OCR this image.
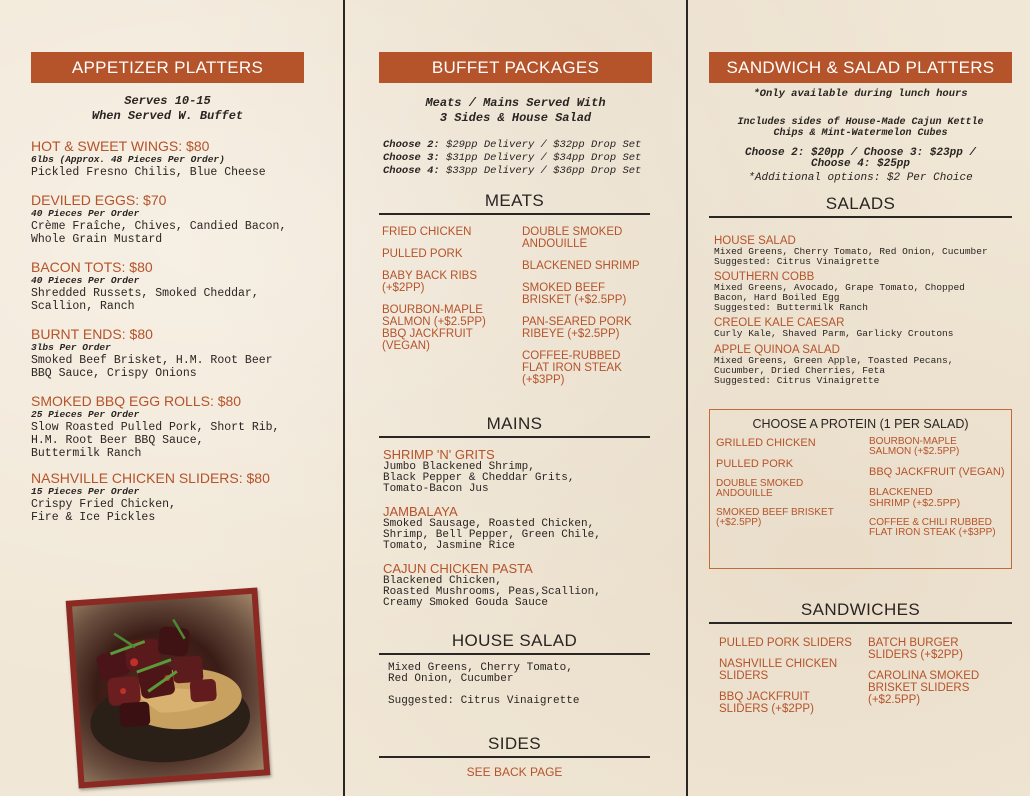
APPETIZER PLATTERS
Serves 10-15
When Served W. Buffet
HOT & SWEET WINGS: $80
6lbs (Approx. 48 Pieces Per Order)
Pickled Fresno Chilis, Blue Cheese
DEVILED EGGS: $70
40 Pieces Per Order
Crème Fraîche, Chives, Candied Bacon,
Whole Grain Mustard
BACON TOTS: $80
40 Pieces Per Order
Shredded Russets, Smoked Cheddar,
Scallion, Ranch
BURNT ENDS: $80
3lbs Per Order
Smoked Beef Brisket, H.M. Root Beer
BBQ Sauce, Crispy Onions
SMOKED BBQ EGG ROLLS: $80
25 Pieces Per Order
Slow Roasted Pulled Pork, Short Rib,
H.M. Root Beer BBQ Sauce,
Buttermilk Ranch
NASHVILLE CHICKEN SLIDERS: $80
15 Pieces Per Order
Crispy Fried Chicken,
Fire & Ice Pickles
BUFFET PACKAGES
Meats / Mains Served With
3 Sides & House Salad
Choose 2: $29pp Delivery / $32pp Drop Set
Choose 3: $31pp Delivery / $34pp Drop Set
Choose 4: $33pp Delivery / $36pp Drop Set
MEATS
FRIED CHICKEN
PULLED PORK
BABY BACK RIBS (+$2PP)
BOURBON-MAPLE SALMON (+$2.5PP)
BBQ JACKFRUIT (VEGAN)
DOUBLE SMOKED ANDOUILLE
BLACKENED SHRIMP
SMOKED BEEF BRISKET (+$2.5PP)
PAN-SEARED PORK RIBEYE (+$2.5PP)
COFFEE-RUBBED FLAT IRON STEAK (+$3PP)
MAINS
SHRIMP 'N' GRITS
Jumbo Blackened Shrimp,
Black Pepper & Cheddar Grits,
Tomato-Bacon Jus
JAMBALAYA
Smoked Sausage, Roasted Chicken,
Shrimp, Bell Pepper, Green Chile,
Tomato, Jasmine Rice
CAJUN CHICKEN PASTA
Blackened Chicken,
Roasted Mushrooms, Peas,Scallion,
Creamy Smoked Gouda Sauce
HOUSE SALAD
Mixed Greens, Cherry Tomato,
Red Onion, Cucumber
Suggested: Citrus Vinaigrette
SIDES
SEE BACK PAGE
SANDWICH & SALAD PLATTERS
*Only available during lunch hours
Includes sides of House-Made Cajun Kettle
Chips & Mint-Watermelon Cubes
Choose 2: $20pp / Choose 3: $23pp /
Choose 4: $25pp
*Additional options: $2 Per Choice
SALADS
HOUSE SALAD
Mixed Greens, Cherry Tomato, Red Onion, Cucumber
Suggested: Citrus Vinaigrette
SOUTHERN COBB
Mixed Greens, Avocado, Grape Tomato, Chopped
Bacon, Hard Boiled Egg
Suggested: Buttermilk Ranch
CREOLE KALE CAESAR
Curly Kale, Shaved Parm, Garlicky Croutons
APPLE QUINOA SALAD
Mixed Greens, Green Apple, Toasted Pecans,
Cucumber, Dried Cherries, Feta
Suggested: Citrus Vinaigrette
CHOOSE A PROTEIN (1 PER SALAD)
GRILLED CHICKEN
PULLED PORK
DOUBLE SMOKED ANDOUILLE
SMOKED BEEF BRISKET (+$2.5PP)
BOURBON-MAPLE SALMON (+$2.5PP)
BBQ JACKFRUIT (VEGAN)
BLACKENED SHRIMP (+$2.5PP)
COFFEE & CHILI RUBBED FLAT IRON STEAK (+$3PP)
SANDWICHES
PULLED PORK SLIDERS
NASHVILLE CHICKEN SLIDERS
BBQ JACKFRUIT SLIDERS (+$2PP)
BATCH BURGER SLIDERS (+$2PP)
CAROLINA SMOKED BRISKET SLIDERS (+$2.5PP)
